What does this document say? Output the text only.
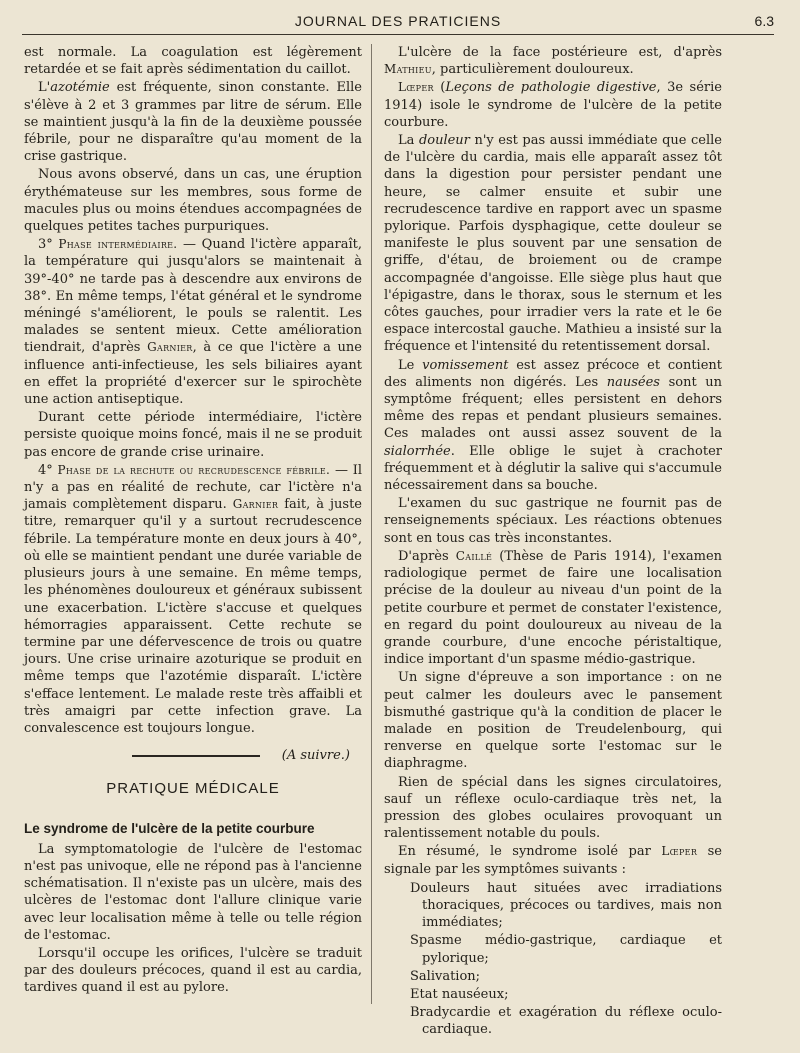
JOURNAL DES PRATICIENS	6.3

est normale. La coagulation est légèrement retardée et se fait après sédimentation du caillot.

L'azotémie est fréquente, sinon constante. Elle s'élève à 2 et 3 grammes par litre de sérum. Elle se maintient jusqu'à la fin de la deuxième poussée fébrile, pour ne disparaître qu'au moment de la crise gastrique.

Nous avons observé, dans un cas, une éruption érythémateuse sur les membres, sous forme de macules plus ou moins étendues accompagnées de quelques petites taches purpuriques.

3° Phase intermédiaire. — Quand l'ictère apparaît, la température qui jusqu'alors se maintenait à 39°-40° ne tarde pas à descendre aux environs de 38°. En même temps, l'état général et le syndrome méningé s'améliorent, le pouls se ralentit. Les malades se sentent mieux. Cette amélioration tiendrait, d'après Garnier, à ce que l'ictère a une influence anti-infectieuse, les sels biliaires ayant en effet la propriété d'exercer sur le spirochète une action antiseptique.

Durant cette période intermédiaire, l'ictère persiste quoique moins foncé, mais il ne se produit pas encore de grande crise urinaire.

4° Phase de la rechute ou recrudescence fébrile. — Il n'y a pas en réalité de rechute, car l'ictère n'a jamais complètement disparu. Garnier fait, à juste titre, remarquer qu'il y a surtout recrudescence fébrile. La température monte en deux jours à 40°, où elle se maintient pendant une durée variable de plusieurs jours à une semaine. En même temps, les phénomènes douloureux et généraux subissent une exacerbation. L'ictère s'accuse et quelques hémorragies apparaissent. Cette rechute se termine par une défervescence de trois ou quatre jours. Une crise urinaire azoturique se produit en même temps que l'azotémie disparaît. L'ictère s'efface lentement. Le malade reste très affaibli et très amaigri par cette infection grave. La convalescence est toujours longue.

(A suivre.)
PRATIQUE MÉDICALE
Le syndrome de l'ulcère de la petite courbure

La symptomatologie de l'ulcère de l'estomac n'est pas univoque, elle ne répond pas à l'ancienne schématisation. Il n'existe pas un ulcère, mais des ulcères de l'estomac dont l'allure clinique varie avec leur localisation même à telle ou telle région de l'estomac.

Lorsqu'il occupe les orifices, l'ulcère se traduit par des douleurs précoces, quand il est au cardia, tardives quand il est au pylore.

L'ulcère de la face postérieure est, d'après Mathieu, particulièrement douloureux.

Lœper (Leçons de pathologie digestive, 3e série 1914) isole le syndrome de l'ulcère de la petite courbure.

La douleur n'y est pas aussi immédiate que celle de l'ulcère du cardia, mais elle apparaît assez tôt dans la digestion pour persister pendant une heure, se calmer ensuite et subir une recrudescence tardive en rapport avec un spasme pylorique. Parfois dysphagique, cette douleur se manifeste le plus souvent par une sensation de griffe, d'étau, de broiement ou de crampe accompagnée d'angoisse. Elle siège plus haut que l'épigastre, dans le thorax, sous le sternum et les côtes gauches, pour irradier vers la rate et le 6e espace intercostal gauche. Mathieu a insisté sur la fréquence et l'intensité du retentissement dorsal.

Le vomissement est assez précoce et contient des aliments non digérés. Les nausées sont un symptôme fréquent; elles persistent en dehors même des repas et pendant plusieurs semaines. Ces malades ont aussi assez souvent de la sialorrhée. Elle oblige le sujet à crachoter fréquemment et à déglutir la salive qui s'accumule nécessairement dans sa bouche.

L'examen du suc gastrique ne fournit pas de renseignements spéciaux. Les réactions obtenues sont en tous cas très inconstantes.

D'après Caillé (Thèse de Paris 1914), l'examen radiologique permet de faire une localisation précise de la douleur au niveau d'un point de la petite courbure et permet de constater l'existence, en regard du point douloureux au niveau de la grande courbure, d'une encoche péristaltique, indice important d'un spasme médio-gastrique.

Un signe d'épreuve a son importance : on ne peut calmer les douleurs avec le pansement bismuthé gastrique qu'à la condition de placer le malade en position de Treudelenbourg, qui renverse en quelque sorte l'estomac sur le diaphragme.

Rien de spécial dans les signes circulatoires, sauf un réflexe oculo-cardiaque très net, la pression des globes oculaires provoquant un ralentissement notable du pouls.

En résumé, le syndrome isolé par Lœper se signale par les symptômes suivants :

Douleurs haut situées avec irradiations thoraciques, précoces ou tardives, mais non immédiates;
Spasme médio-gastrique, cardiaque et pylorique;
Salivation;
Etat nauséeux;
Bradycardie et exagération du réflexe oculo-cardiaque.
